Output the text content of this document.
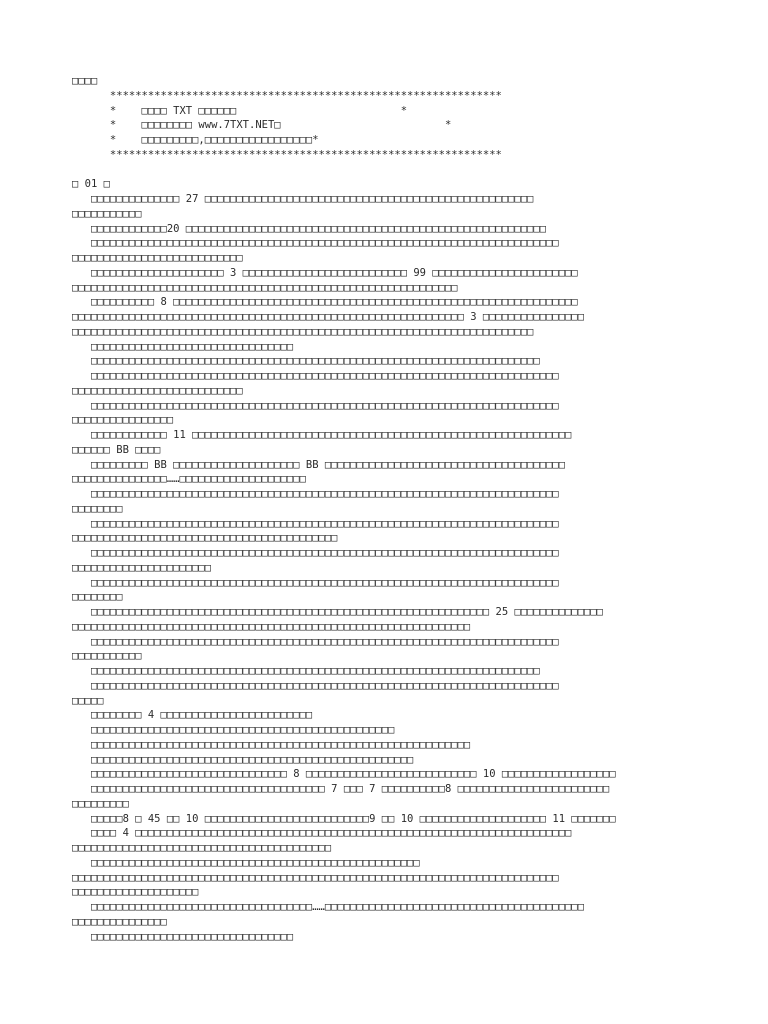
□□□□
**************************************************************
*    □□□□ TXT □□□□□□                          *
*    □□□□□□□□ www.7TXT.NET□                          *
*    □□□□□□□□□,□□□□□□□□□□□□□□□□□*
**************************************************************

□ 01 □
□□□□□□□□□□□□□□ 27 □□□□□□□□□□□□□□□□□□□□□□□□□□□□□□□□□□□□□□□□□□□□□□□□□□□□
□□□□□□□□□□□
□□□□□□□□□□□□20 □□□□□□□□□□□□□□□□□□□□□□□□□□□□□□□□□□□□□□□□□□□□□□□□□□□□□□□□□
□□□□□□□□□□□□□□□□□□□□□□□□□□□□□□□□□□□□□□□□□□□□□□□□□□□□□□□□□□□□□□□□□□□□□□□□□□
□□□□□□□□□□□□□□□□□□□□□□□□□□□
□□□□□□□□□□□□□□□□□□□□□ 3 □□□□□□□□□□□□□□□□□□□□□□□□□□ 99 □□□□□□□□□□□□□□□□□□□□□□□
□□□□□□□□□□□□□□□□□□□□□□□□□□□□□□□□□□□□□□□□□□□□□□□□□□□□□□□□□□□□□
□□□□□□□□□□ 8 □□□□□□□□□□□□□□□□□□□□□□□□□□□□□□□□□□□□□□□□□□□□□□□□□□□□□□□□□□□□□□□□
□□□□□□□□□□□□□□□□□□□□□□□□□□□□□□□□□□□□□□□□□□□□□□□□□□□□□□□□□□□□□□ 3 □□□□□□□□□□□□□□□□
□□□□□□□□□□□□□□□□□□□□□□□□□□□□□□□□□□□□□□□□□□□□□□□□□□□□□□□□□□□□□□□□□□□□□□□□□
□□□□□□□□□□□□□□□□□□□□□□□□□□□□□□□□
□□□□□□□□□□□□□□□□□□□□□□□□□□□□□□□□□□□□□□□□□□□□□□□□□□□□□□□□□□□□□□□□□□□□□□□
□□□□□□□□□□□□□□□□□□□□□□□□□□□□□□□□□□□□□□□□□□□□□□□□□□□□□□□□□□□□□□□□□□□□□□□□□□
□□□□□□□□□□□□□□□□□□□□□□□□□□□
□□□□□□□□□□□□□□□□□□□□□□□□□□□□□□□□□□□□□□□□□□□□□□□□□□□□□□□□□□□□□□□□□□□□□□□□□□
□□□□□□□□□□□□□□□□
□□□□□□□□□□□□ 11 □□□□□□□□□□□□□□□□□□□□□□□□□□□□□□□□□□□□□□□□□□□□□□□□□□□□□□□□□□□□
□□□□□□ BB □□□□
□□□□□□□□□ BB □□□□□□□□□□□□□□□□□□□□ BB □□□□□□□□□□□□□□□□□□□□□□□□□□□□□□□□□□□□□□
□□□□□□□□□□□□□□□……□□□□□□□□□□□□□□□□□□□□
□□□□□□□□□□□□□□□□□□□□□□□□□□□□□□□□□□□□□□□□□□□□□□□□□□□□□□□□□□□□□□□□□□□□□□□□□□
□□□□□□□□
□□□□□□□□□□□□□□□□□□□□□□□□□□□□□□□□□□□□□□□□□□□□□□□□□□□□□□□□□□□□□□□□□□□□□□□□□□
□□□□□□□□□□□□□□□□□□□□□□□□□□□□□□□□□□□□□□□□□□
□□□□□□□□□□□□□□□□□□□□□□□□□□□□□□□□□□□□□□□□□□□□□□□□□□□□□□□□□□□□□□□□□□□□□□□□□□
□□□□□□□□□□□□□□□□□□□□□□
□□□□□□□□□□□□□□□□□□□□□□□□□□□□□□□□□□□□□□□□□□□□□□□□□□□□□□□□□□□□□□□□□□□□□□□□□□
□□□□□□□□
□□□□□□□□□□□□□□□□□□□□□□□□□□□□□□□□□□□□□□□□□□□□□□□□□□□□□□□□□□□□□□□ 25 □□□□□□□□□□□□□□
□□□□□□□□□□□□□□□□□□□□□□□□□□□□□□□□□□□□□□□□□□□□□□□□□□□□□□□□□□□□□□□
□□□□□□□□□□□□□□□□□□□□□□□□□□□□□□□□□□□□□□□□□□□□□□□□□□□□□□□□□□□□□□□□□□□□□□□□□□
□□□□□□□□□□□
□□□□□□□□□□□□□□□□□□□□□□□□□□□□□□□□□□□□□□□□□□□□□□□□□□□□□□□□□□□□□□□□□□□□□□□
□□□□□□□□□□□□□□□□□□□□□□□□□□□□□□□□□□□□□□□□□□□□□□□□□□□□□□□□□□□□□□□□□□□□□□□□□□
□□□□□
□□□□□□□□ 4 □□□□□□□□□□□□□□□□□□□□□□□□
□□□□□□□□□□□□□□□□□□□□□□□□□□□□□□□□□□□□□□□□□□□□□□□□
□□□□□□□□□□□□□□□□□□□□□□□□□□□□□□□□□□□□□□□□□□□□□□□□□□□□□□□□□□□□
□□□□□□□□□□□□□□□□□□□□□□□□□□□□□□□□□□□□□□□□□□□□□□□□□□□
□□□□□□□□□□□□□□□□□□□□□□□□□□□□□□□ 8 □□□□□□□□□□□□□□□□□□□□□□□□□□□ 10 □□□□□□□□□□□□□□□□□□
□□□□□□□□□□□□□□□□□□□□□□□□□□□□□□□□□□□□□ 7 □□□ 7 □□□□□□□□□□8 □□□□□□□□□□□□□□□□□□□□□□□□
□□□□□□□□□
□□□□□8 □ 45 □□ 10 □□□□□□□□□□□□□□□□□□□□□□□□□□9 □□ 10 □□□□□□□□□□□□□□□□□□□□ 11 □□□□□□□
□□□□ 4 □□□□□□□□□□□□□□□□□□□□□□□□□□□□□□□□□□□□□□□□□□□□□□□□□□□□□□□□□□□□□□□□□□□□□
□□□□□□□□□□□□□□□□□□□□□□□□□□□□□□□□□□□□□□□□□
□□□□□□□□□□□□□□□□□□□□□□□□□□□□□□□□□□□□□□□□□□□□□□□□□□□□
□□□□□□□□□□□□□□□□□□□□□□□□□□□□□□□□□□□□□□□□□□□□□□□□□□□□□□□□□□□□□□□□□□□□□□□□□□□□□
□□□□□□□□□□□□□□□□□□□□
□□□□□□□□□□□□□□□□□□□□□□□□□□□□□□□□□□□……□□□□□□□□□□□□□□□□□□□□□□□□□□□□□□□□□□□□□□□□□
□□□□□□□□□□□□□□□
□□□□□□□□□□□□□□□□□□□□□□□□□□□□□□□□
